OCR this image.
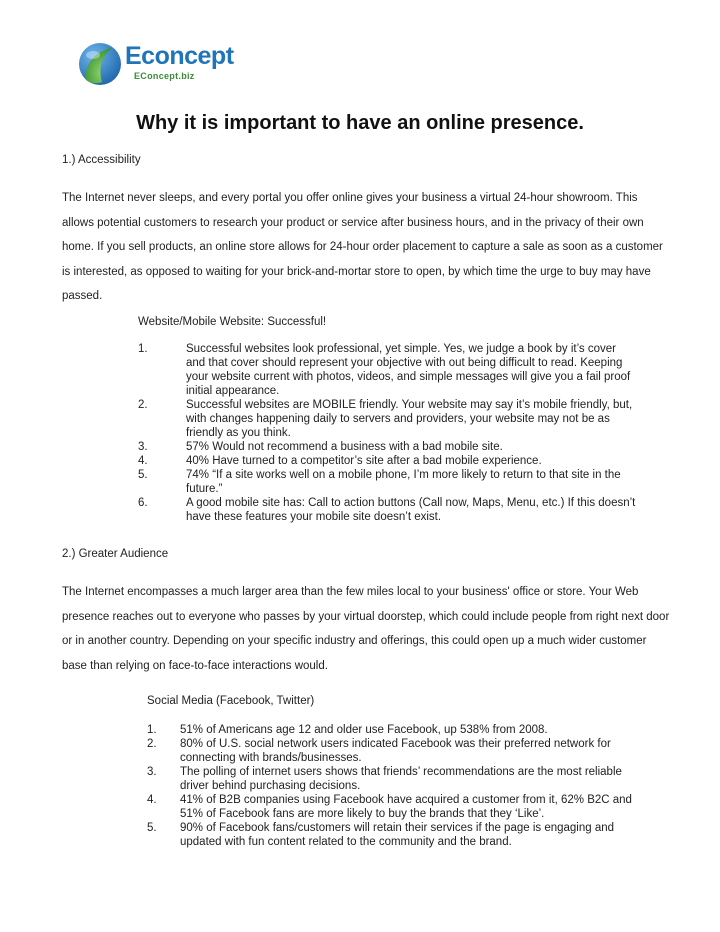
Econcept
EConcept.biz
Why it is important to have an online presence.
1.) Accessibility

The Internet never sleeps, and every portal you offer online gives your business a virtual 24-hour showroom. This allows potential customers to research your product or service after business hours, and in the privacy of their own home. If you sell products, an online store allows for 24-hour order placement to capture a sale as soon as a customer is interested, as opposed to waiting for your brick-and-mortar store to open, by which time the urge to buy may have passed.

Website/Mobile Website: Successful!
1.	Successful websites look professional, yet simple. Yes, we judge a book by it’s cover and that cover should represent your objective with out being difficult to read. Keeping your website current with photos, videos, and simple messages will give you a fail proof initial appearance.
2.	Successful websites are MOBILE friendly. Your website may say it’s mobile friendly, but, with changes happening daily to servers and providers, your website may not be as friendly as you think.
3.	57% Would not recommend a business with a bad mobile site.
4.	40% Have turned to a competitor’s site after a bad mobile experience.
5.	74% “If a site works well on a mobile phone, I’m more likely to return to that site in the future.”
6.	A good mobile site has: Call to action buttons (Call now, Maps, Menu, etc.) If this doesn’t have these features your mobile site doesn’t exist.
2.) Greater Audience

The Internet encompasses a much larger area than the few miles local to your business' office or store. Your Web presence reaches out to everyone who passes by your virtual doorstep, which could include people from right next door or in another country. Depending on your specific industry and offerings, this could open up a much wider customer base than relying on face-to-face interactions would.

Social Media (Facebook, Twitter)
1. 51% of Americans age 12 and older use Facebook, up 538% from 2008.
2. 80% of U.S. social network users indicated Facebook was their preferred network for connecting with brands/businesses.
3. The polling of internet users shows that friends’ recommendations are the most reliable driver behind purchasing decisions.
4. 41% of B2B companies using Facebook have acquired a customer from it, 62% B2C and 51% of Facebook fans are more likely to buy the brands that they ‘Like’.
5. 90% of Facebook fans/customers will retain their services if the page is engaging and updated with fun content related to the community and the brand.
